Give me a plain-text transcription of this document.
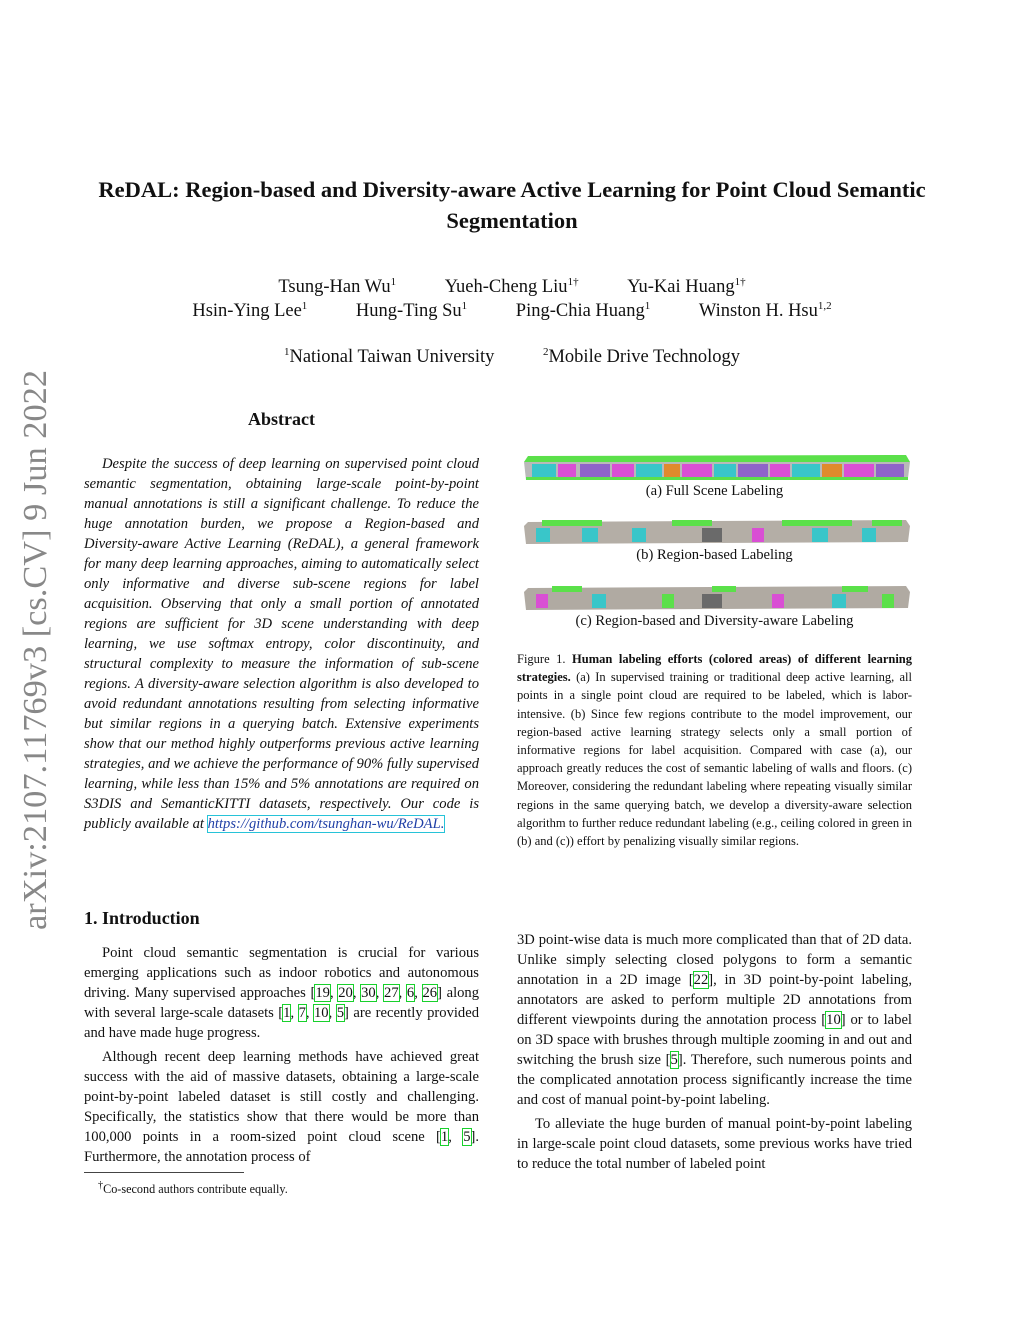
arXiv:2107.11769v3 [cs.CV] 9 Jun 2022
ReDAL: Region-based and Diversity-aware Active Learning for Point Cloud Semantic Segmentation
Tsung-Han Wu$^1$	Yueh-Cheng Liu$^{1\dagger}$	Yu-Kai Huang$^{1\dagger}$
Hsin-Ying Lee$^1$	Hung-Ting Su$^1$	Ping-Chia Huang$^1$	Winston H. Hsu$^{1,2}$
$^1$National Taiwan University	$^2$Mobile Drive Technology
Abstract
Despite the success of deep learning on supervised point cloud semantic segmentation, obtaining large-scale point-by-point manual annotations is still a significant challenge. To reduce the huge annotation burden, we propose a Region-based and Diversity-aware Active Learning (ReDAL), a general framework for many deep learning approaches, aiming to automatically select only informative and diverse sub-scene regions for label acquisition. Observing that only a small portion of annotated regions are sufficient for 3D scene understanding with deep learning, we use softmax entropy, color discontinuity, and structural complexity to measure the information of sub-scene regions. A diversity-aware selection algorithm is also developed to avoid redundant annotations resulting from selecting informative but similar regions in a querying batch. Extensive experiments show that our method highly outperforms previous active learning strategies, and we achieve the performance of 90% fully supervised learning, while less than 15% and 5% annotations are required on S3DIS and SemanticKITTI datasets, respectively. Our code is publicly available at https://github.com/tsunghan-wu/ReDAL.
1. Introduction

Point cloud semantic segmentation is crucial for various emerging applications such as indoor robotics and autonomous driving. Many supervised approaches [19, 20, 30, 27, 6, 26] along with several large-scale datasets [1, 7, 10, 5] are recently provided and have made huge progress.

Although recent deep learning methods have achieved great success with the aid of massive datasets, obtaining a large-scale point-by-point labeled dataset is still costly and challenging. Specifically, the statistics show that there would be more than 100,000 points in a room-sized point cloud scene [1, 5]. Furthermore, the annotation process of

†Co-second authors contribute equally.
(a) Full Scene Labeling
(b) Region-based Labeling
(c) Region-based and Diversity-aware Labeling
Figure 1. Human labeling efforts (colored areas) of different learning strategies. (a) In supervised training or traditional deep active learning, all points in a single point cloud are required to be labeled, which is labor-intensive. (b) Since few regions contribute to the model improvement, our region-based active learning strategy selects only a small portion of informative regions for label acquisition. Compared with case (a), our approach greatly reduces the cost of semantic labeling of walls and floors. (c) Moreover, considering the redundant labeling where repeating visually similar regions in the same querying batch, we develop a diversity-aware selection algorithm to further reduce redundant labeling (e.g., ceiling colored in green in (b) and (c)) effort by penalizing visually similar regions.

3D point-wise data is much more complicated than that of 2D data. Unlike simply selecting closed polygons to form a semantic annotation in a 2D image [22], in 3D point-by-point labeling, annotators are asked to perform multiple 2D annotations from different viewpoints during the annotation process [10] or to label on 3D space with brushes through multiple zooming in and out and switching the brush size [5]. Therefore, such numerous points and the complicated annotation process significantly increase the time and cost of manual point-by-point labeling.

To alleviate the huge burden of manual point-by-point labeling in large-scale point cloud datasets, some previous works have tried to reduce the total number of labeled point
